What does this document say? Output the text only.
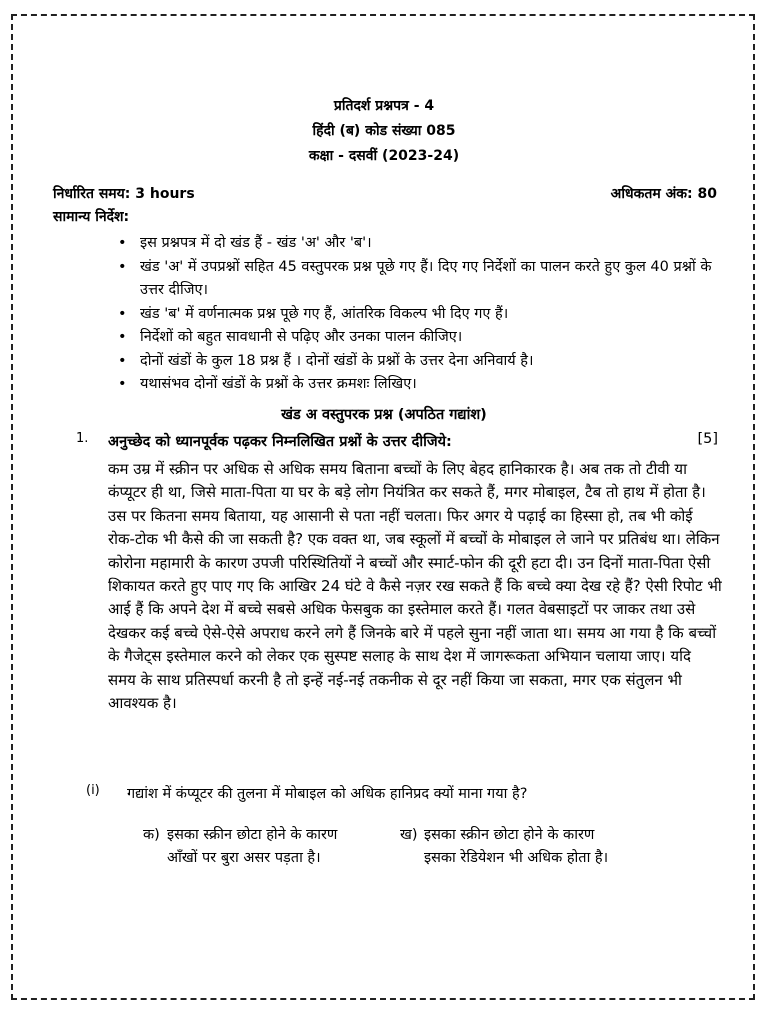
प्रतिदर्श प्रश्नपत्र - 4
हिंदी (ब) कोड संख्या 085
कक्षा - दसवीं (2023-24)
निर्धारित समय: 3 hours	अधिकतम अंक: 80
सामान्य निर्देश:
• इस प्रश्नपत्र में दो खंड हैं - खंड 'अ' और 'ब'।
• खंड 'अ' में उपप्रश्नों सहित 45 वस्तुपरक प्रश्न पूछे गए हैं। दिए गए निर्देशों का पालन करते हुए कुल 40 प्रश्नों के उत्तर दीजिए।
• खंड 'ब' में वर्णनात्मक प्रश्न पूछे गए हैं, आंतरिक विकल्प भी दिए गए हैं।
• निर्देशों को बहुत सावधानी से पढ़िए और उनका पालन कीजिए।
• दोनों खंडों के कुल 18 प्रश्न हैं । दोनों खंडों के प्रश्नों के उत्तर देना अनिवार्य है।
• यथासंभव दोनों खंडों के प्रश्नों के उत्तर क्रमशः लिखिए।
खंड अ वस्तुपरक प्रश्न (अपठित गद्यांश)
1. अनुच्छेद को ध्यानपूर्वक पढ़कर निम्नलिखित प्रश्नों के उत्तर दीजिये:	[5]

कम उम्र में स्क्रीन पर अधिक से अधिक समय बिताना बच्चों के लिए बेहद हानिकारक है। अब तक तो टीवी या कंप्यूटर ही था, जिसे माता-पिता या घर के बड़े लोग नियंत्रित कर सकते हैं, मगर मोबाइल, टैब तो हाथ में होता है। उस पर कितना समय बिताया, यह आसानी से पता नहीं चलता। फिर अगर ये पढ़ाई का हिस्सा हो, तब भी कोई रोक-टोक भी कैसे की जा सकती है? एक वक्त था, जब स्कूलों में बच्चों के मोबाइल ले जाने पर प्रतिबंध था। लेकिन कोरोना महामारी के कारण उपजी परिस्थितियों ने बच्चों और स्मार्ट-फोन की दूरी हटा दी। उन दिनों माता-पिता ऐसी शिकायत करते हुए पाए गए कि आखिर 24 घंटे वे कैसे नज़र रख सकते हैं कि बच्चे क्या देख रहे हैं? ऐसी रिपोट भी आई हैं कि अपने देश में बच्चे सबसे अधिक फेसबुक का इस्तेमाल करते हैं। गलत वेबसाइटों पर जाकर तथा उसे देखकर कई बच्चे ऐसे-ऐसे अपराध करने लगे हैं जिनके बारे में पहले सुना नहीं जाता था। समय आ गया है कि बच्चों के गैजेट्स इस्तेमाल करने को लेकर एक सुस्पष्ट सलाह के साथ देश में जागरूकता अभियान चलाया जाए। यदि समय के साथ प्रतिस्पर्धा करनी है तो इन्हें नई-नई तकनीक से दूर नहीं किया जा सकता, मगर एक संतुलन भी आवश्यक है।

(i) गद्यांश में कंप्यूटर की तुलना में मोबाइल को अधिक हानिप्रद क्यों माना गया है?
क) इसका स्क्रीन छोटा होने के कारण आँखों पर बुरा असर पड़ता है।
ख) इसका स्क्रीन छोटा होने के कारण इसका रेडियेशन भी अधिक होता है।
